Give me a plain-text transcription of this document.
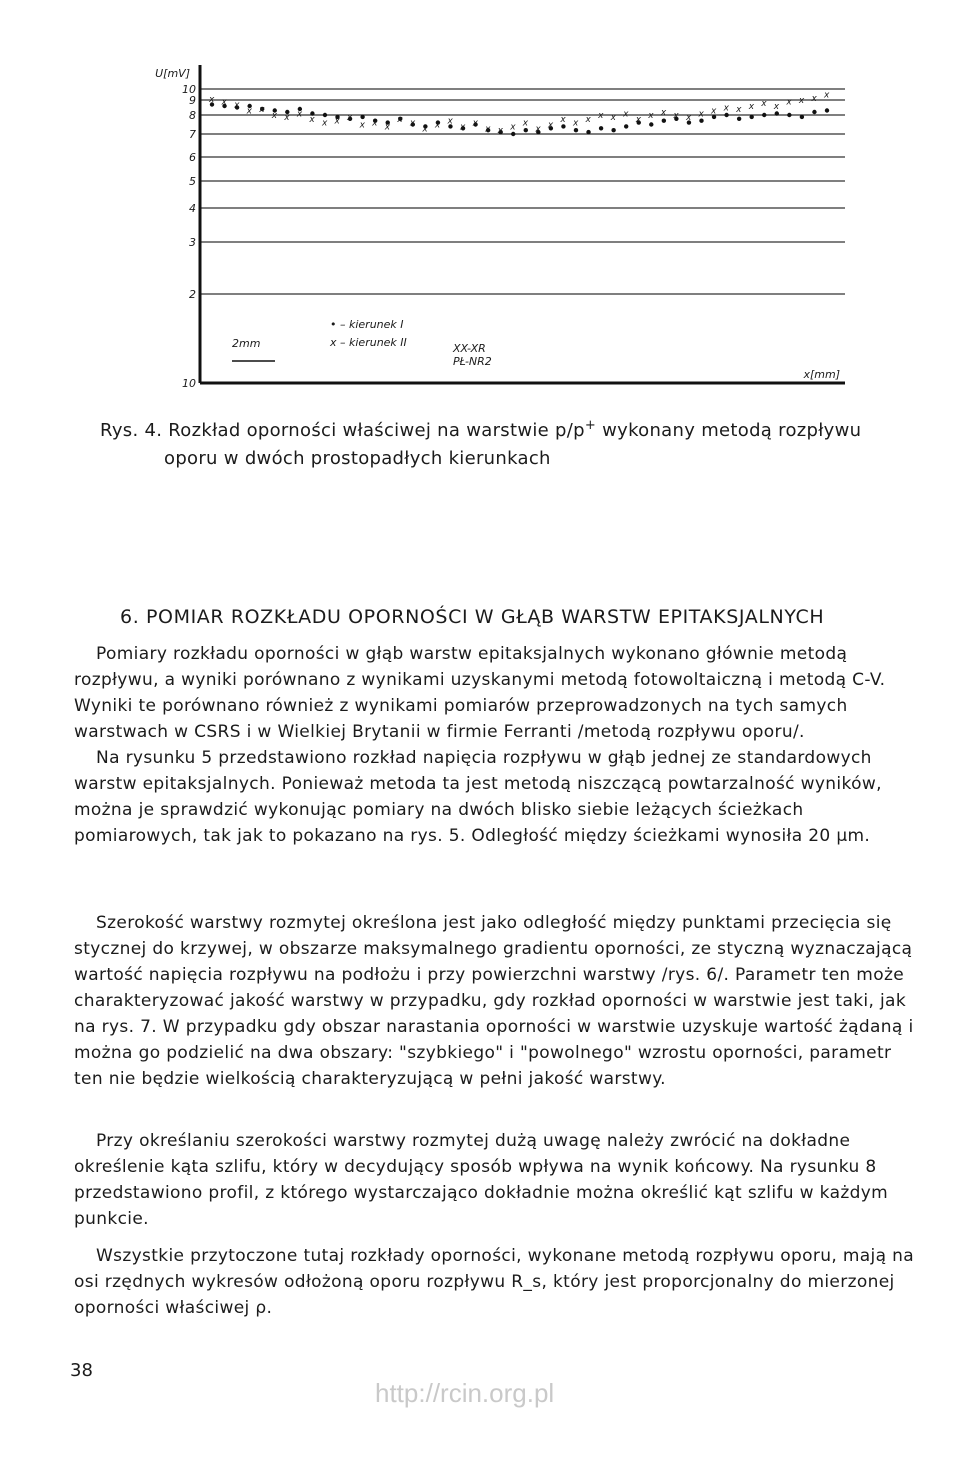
10
9
8
7
6
5
4
3
2
10
x x x
x x
x x x
x x x x
x x x
x x
x x x
x x
x x x x
x x
x x x x x x
x x x x x x x x x x x x x x x x
U[mV]
x[mm]
2mm
• – kierunek I
x – kierunek II	XX-XR
PŁ-NR2
Rys. 4. Rozkład oporności właściwej na warstwie p/p+ wykonany metodą rozpływu
oporu w dwóch prostopadłych kierunkach
6. POMIAR ROZKŁADU OPORNOŚCI W GŁĄB WARSTW EPITAKSJALNYCH

Pomiary rozkładu oporności w głąb warstw epitaksjalnych wykonano głównie metodą rozpływu, a wyniki porównano z wynikami uzyskanymi metodą fotowoltaiczną i metodą C-V. Wyniki te porównano również z wynikami pomiarów przeprowadzonych na tych samych warstwach w CSRS i w Wielkiej Brytanii w firmie Ferranti /metodą rozpływu oporu/.

Na rysunku 5 przedstawiono rozkład napięcia rozpływu w głąb jednej ze standardowych warstw epitaksjalnych. Ponieważ metoda ta jest metodą niszczącą powtarzalność wyników, można je sprawdzić wykonując pomiary na dwóch blisko siebie leżących ścieżkach pomiarowych, tak jak to pokazano na rys. 5. Odległość między ścieżkami wynosiła 20 μm.

Szerokość warstwy rozmytej określona jest jako odległość między punktami przecięcia się stycznej do krzywej, w obszarze maksymalnego gradientu oporności, ze styczną wyznaczającą wartość napięcia rozpływu na podłożu i przy powierzchni warstwy /rys. 6/. Parametr ten może charakteryzować jakość warstwy w przypadku, gdy rozkład oporności w warstwie jest taki, jak na rys. 7. W przypadku gdy obszar narastania oporności w warstwie uzyskuje wartość żądaną i można go podzielić na dwa obszary: "szybkiego" i "powolnego" wzrostu oporności, parametr ten nie będzie wielkością charakteryzującą w pełni jakość warstwy.

Przy określaniu szerokości warstwy rozmytej dużą uwagę należy zwrócić na dokładne określenie kąta szlifu, który w decydujący sposób wpływa na wynik końcowy. Na rysunku 8 przedstawiono profil, z którego wystarczająco dokładnie można określić kąt szlifu w każdym punkcie.

Wszystkie przytoczone tutaj rozkłady oporności, wykonane metodą rozpływu oporu, mają na osi rzędnych wykresów odłożoną oporu rozpływu R_s, który jest proporcjonalny do mierzonej oporności właściwej ρ.

38
http://rcin.org.pl
